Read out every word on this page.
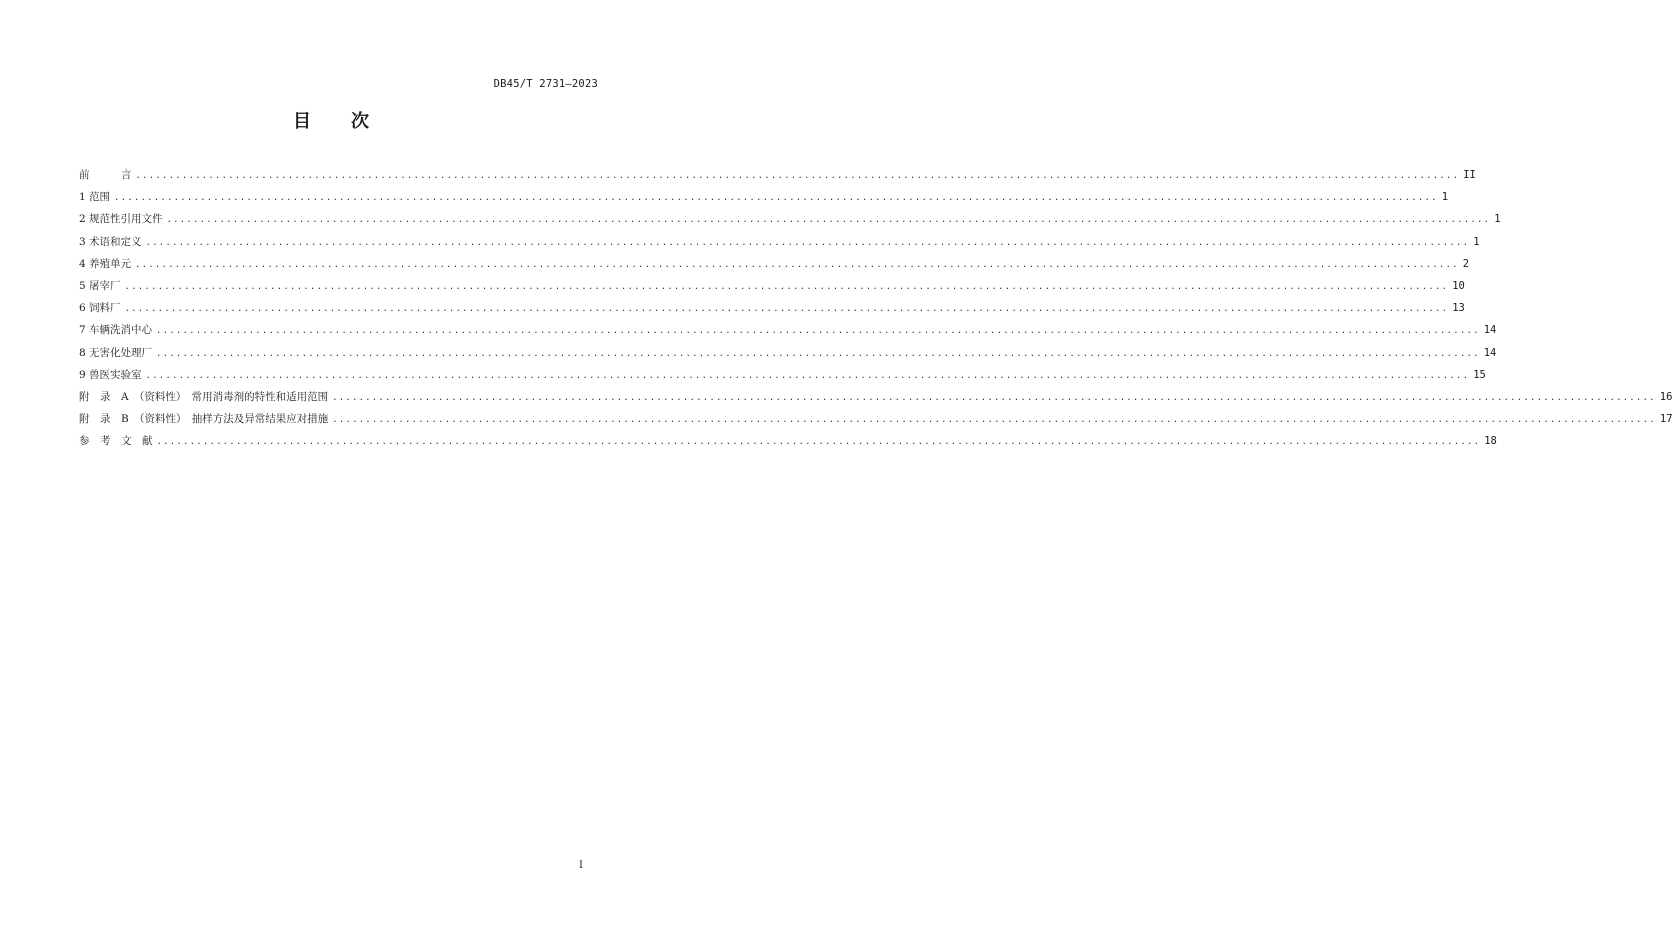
DB45/T 2731—2023
目 次
前　　　言 ........................................................................................................................................................................................................ II
1 范围 ........................................................................................................................................................................................................ 1
2 规范性引用文件 ........................................................................................................................................................................................................ 1
3 术语和定义 ........................................................................................................................................................................................................ 1
4 养殖单元 ........................................................................................................................................................................................................ 2
5 屠宰厂 ........................................................................................................................................................................................................ 10
6 饲料厂 ........................................................................................................................................................................................................ 13
7 车辆洗消中心 ........................................................................................................................................................................................................ 14
8 无害化处理厂 ........................................................................................................................................................................................................ 14
9 兽医实验室 ........................................................................................................................................................................................................ 15
附　录　A　（资料性）　常用消毒剂的特性和适用范围 ........................................................................................................................................................................................................ 16
附　录　B　（资料性）　抽样方法及异常结果应对措施 ........................................................................................................................................................................................................ 17
参　考　文　献 ........................................................................................................................................................................................................ 18
I
